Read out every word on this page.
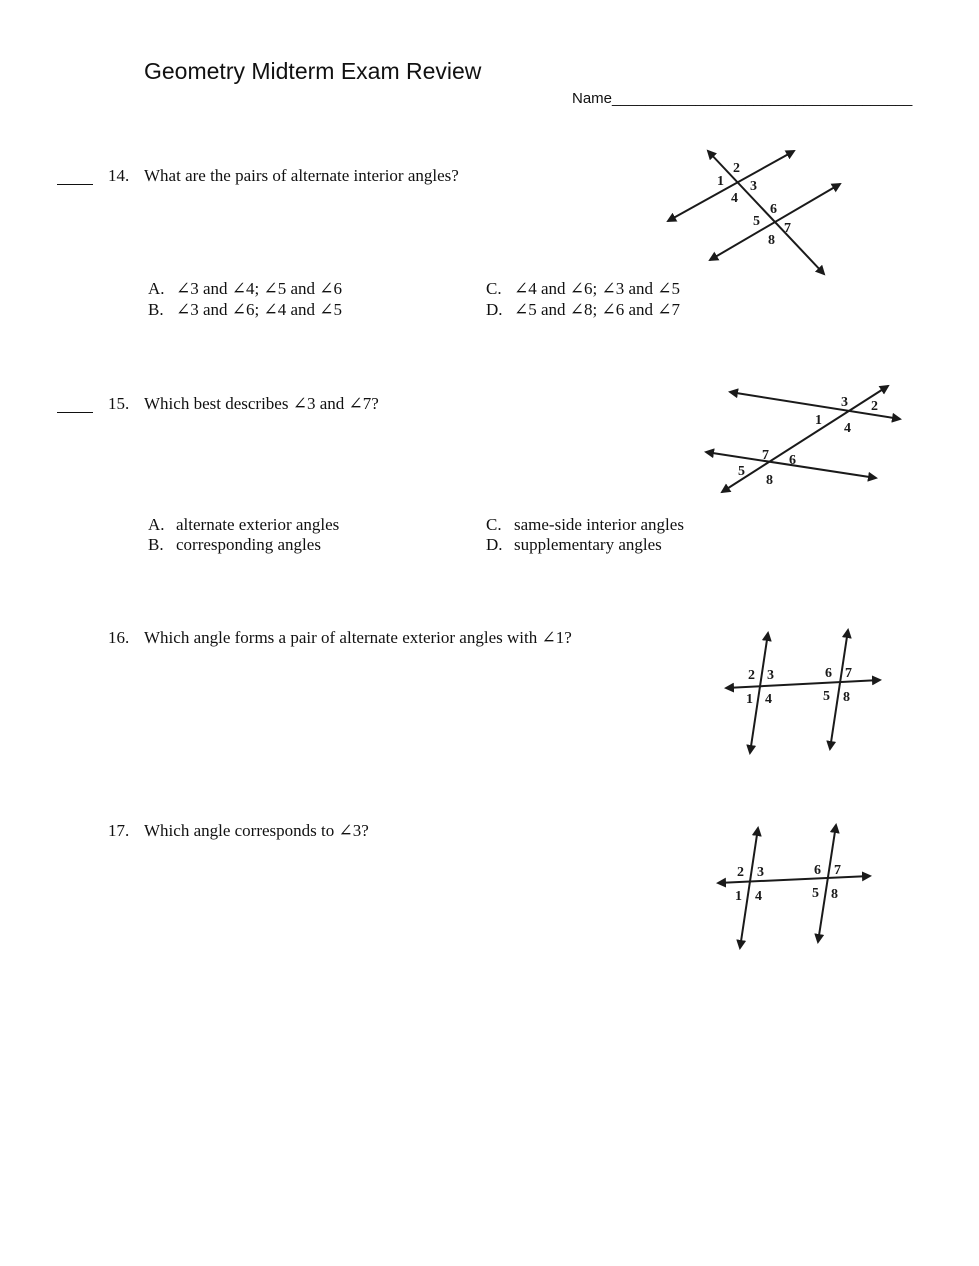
Geometry Midterm Exam Review
Name____________________________________
14. What are the pairs of alternate interior angles?
A. ∠3 and ∠4; ∠5 and ∠6
B. ∠3 and ∠6; ∠4 and ∠5
C. ∠4 and ∠6; ∠3 and ∠5
D. ∠5 and ∠8; ∠6 and ∠7
1
2
3
4
5
6
7
8
15. Which best describes ∠3 and ∠7?
A. alternate exterior angles
B. corresponding angles
C. same-side interior angles
D. supplementary angles
1
2
3
4
5
6
7
8
16. Which angle forms a pair of alternate exterior angles with ∠1?
1
2 3
4	5
6 7
8
17. Which angle corresponds to ∠3?
1
2 3
4	5
6 7
8
